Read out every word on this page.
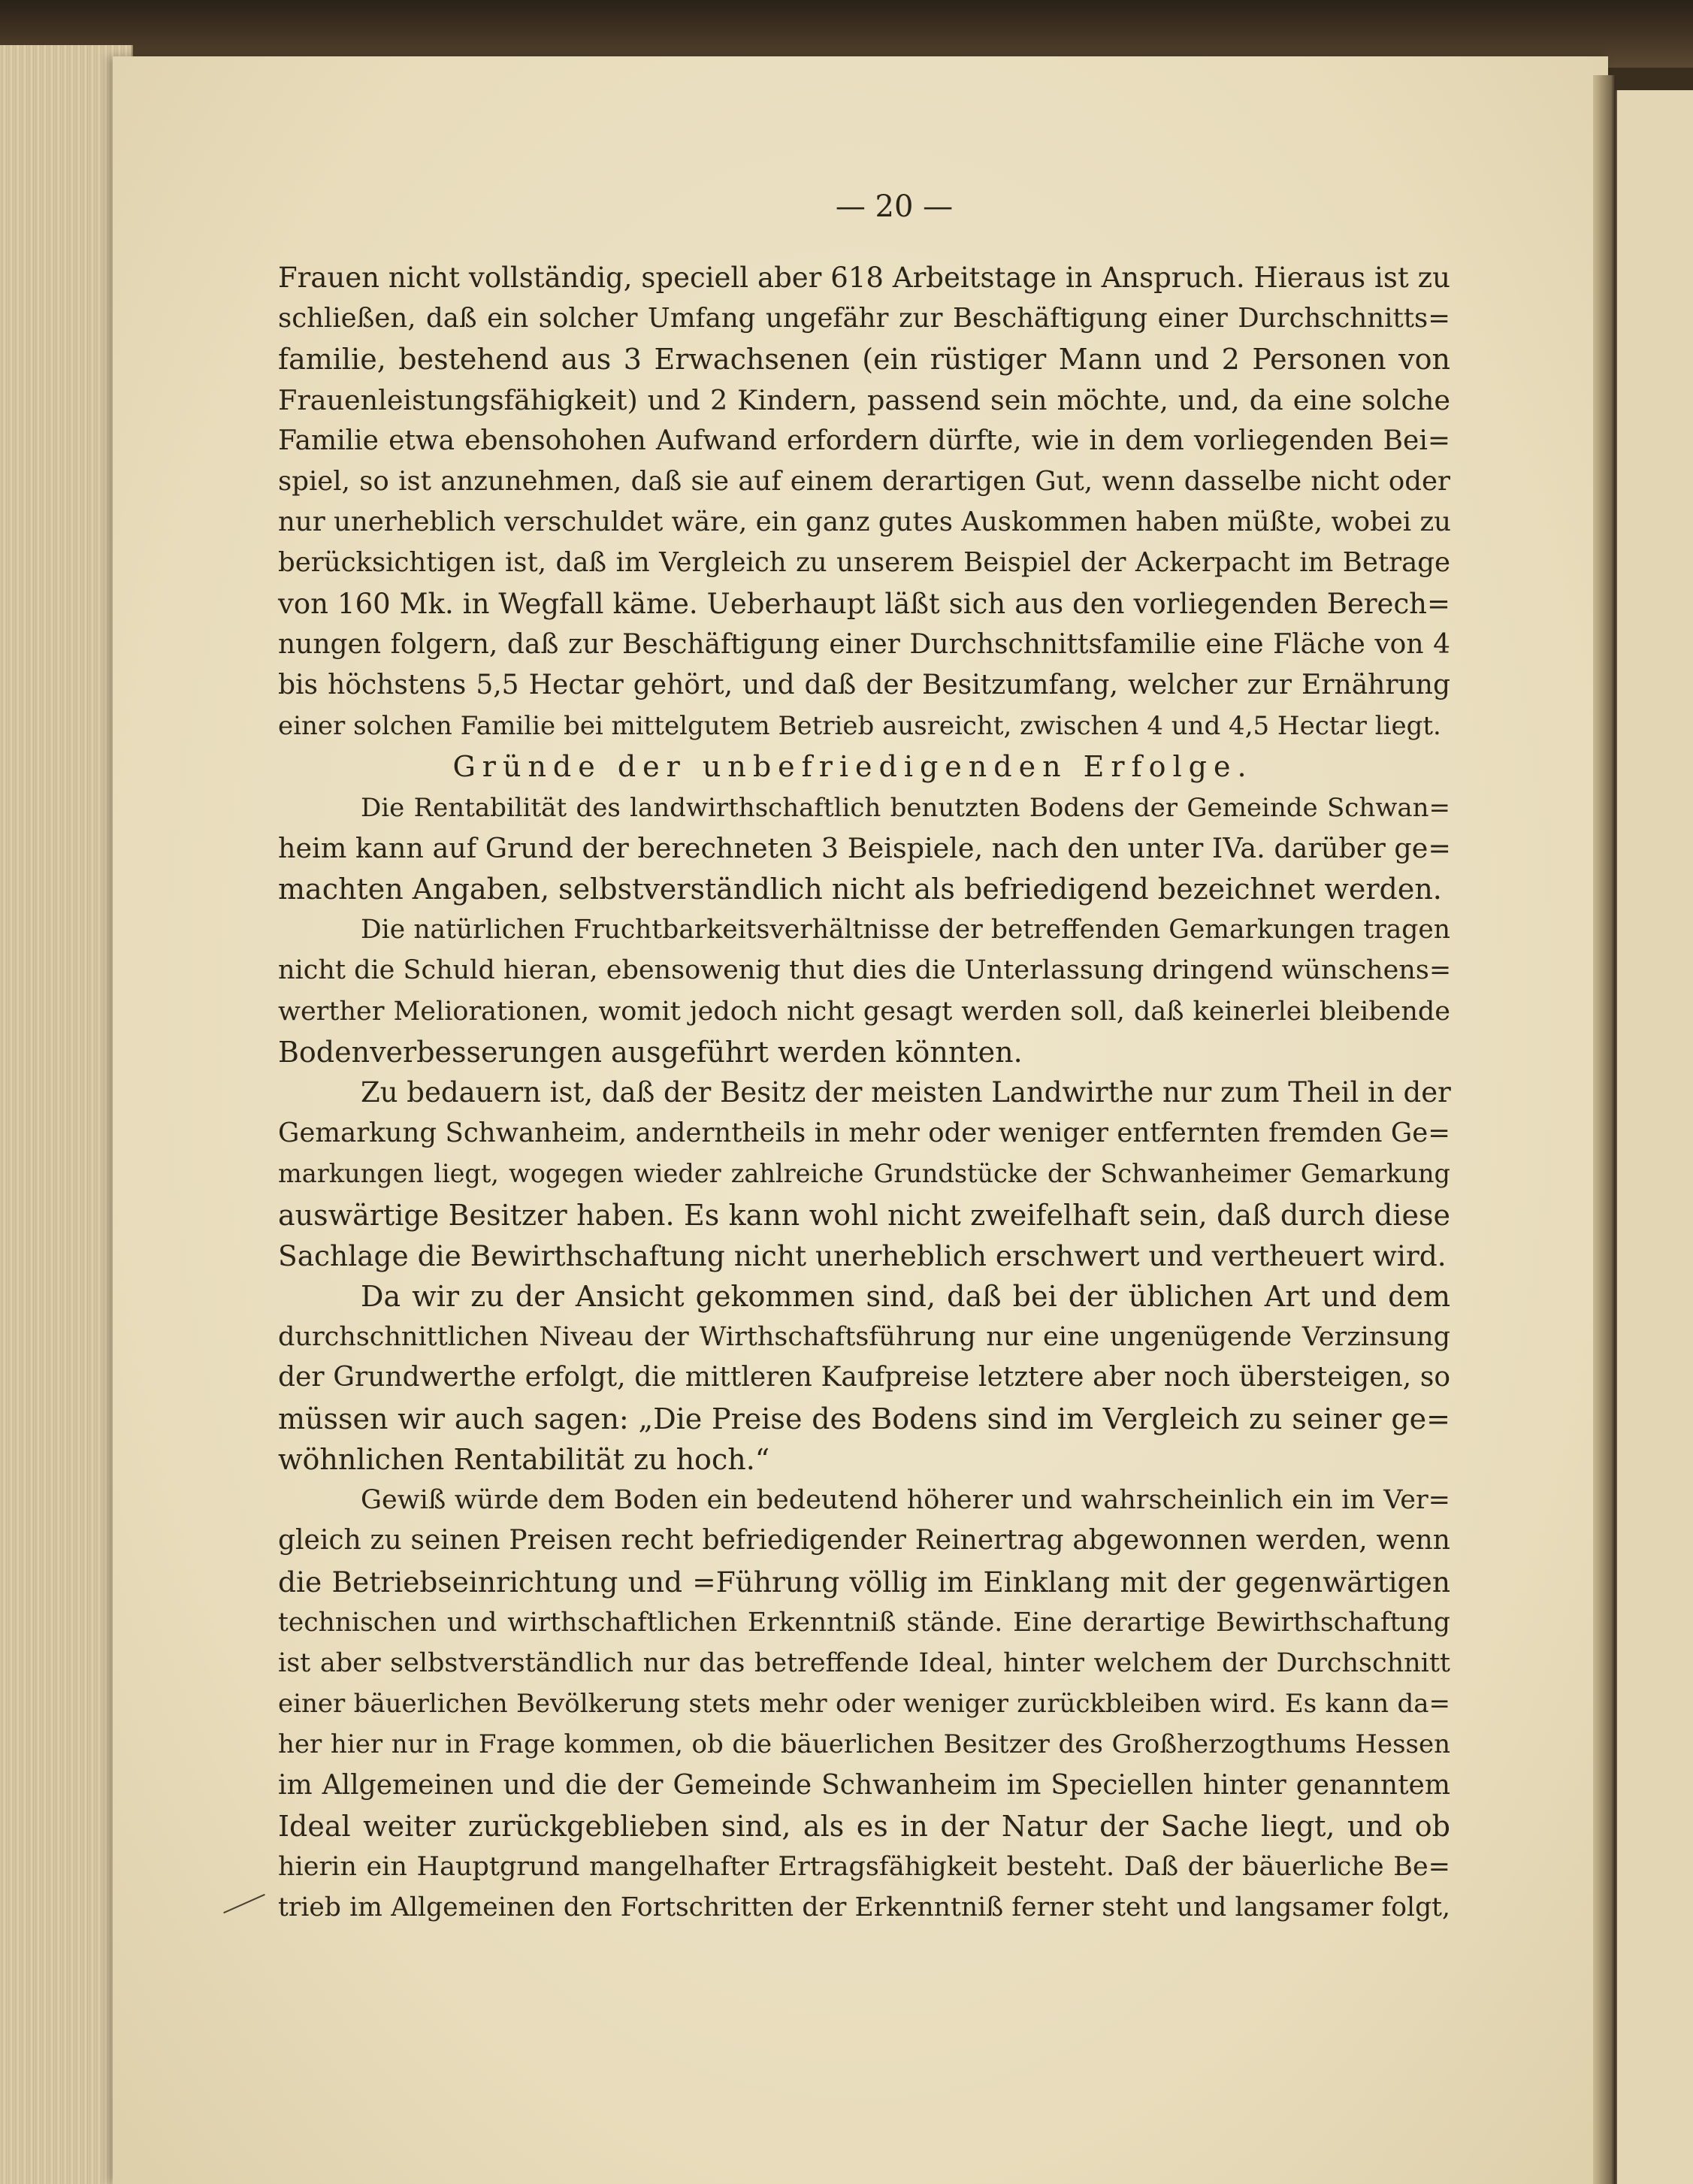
— 20 —
Frauen nicht vollständig, speciell aber 618 Arbeitstage in Anspruch. Hieraus ist zu
schließen, daß ein solcher Umfang ungefähr zur Beschäftigung einer Durchschnitts=
familie, bestehend aus 3 Erwachsenen (ein rüstiger Mann und 2 Personen von
Frauenleistungsfähigkeit) und 2 Kindern, passend sein möchte, und, da eine solche
Familie etwa ebensohohen Aufwand erfordern dürfte, wie in dem vorliegenden Bei=
spiel, so ist anzunehmen, daß sie auf einem derartigen Gut, wenn dasselbe nicht oder
nur unerheblich verschuldet wäre, ein ganz gutes Auskommen haben müßte, wobei zu
berücksichtigen ist, daß im Vergleich zu unserem Beispiel der Ackerpacht im Betrage
von 160 Mk. in Wegfall käme. Ueberhaupt läßt sich aus den vorliegenden Berech=
nungen folgern, daß zur Beschäftigung einer Durchschnittsfamilie eine Fläche von 4
bis höchstens 5,5 Hectar gehört, und daß der Besitzumfang, welcher zur Ernährung
einer solchen Familie bei mittelgutem Betrieb ausreicht, zwischen 4 und 4,5 Hectar liegt.
Gründe der unbefriedigenden Erfolge.
Die Rentabilität des landwirthschaftlich benutzten Bodens der Gemeinde Schwan=
heim kann auf Grund der berechneten 3 Beispiele, nach den unter IVa. darüber ge=
machten Angaben, selbstverständlich nicht als befriedigend bezeichnet werden.
Die natürlichen Fruchtbarkeitsverhältnisse der betreffenden Gemarkungen tragen
nicht die Schuld hieran, ebensowenig thut dies die Unterlassung dringend wünschens=
werther Meliorationen, womit jedoch nicht gesagt werden soll, daß keinerlei bleibende
Bodenverbesserungen ausgeführt werden könnten.
Zu bedauern ist, daß der Besitz der meisten Landwirthe nur zum Theil in der
Gemarkung Schwanheim, anderntheils in mehr oder weniger entfernten fremden Ge=
markungen liegt, wogegen wieder zahlreiche Grundstücke der Schwanheimer Gemarkung
auswärtige Besitzer haben. Es kann wohl nicht zweifelhaft sein, daß durch diese
Sachlage die Bewirthschaftung nicht unerheblich erschwert und vertheuert wird.
Da wir zu der Ansicht gekommen sind, daß bei der üblichen Art und dem
durchschnittlichen Niveau der Wirthschaftsführung nur eine ungenügende Verzinsung
der Grundwerthe erfolgt, die mittleren Kaufpreise letztere aber noch übersteigen, so
müssen wir auch sagen: „Die Preise des Bodens sind im Vergleich zu seiner ge=
wöhnlichen Rentabilität zu hoch.“
Gewiß würde dem Boden ein bedeutend höherer und wahrscheinlich ein im Ver=
gleich zu seinen Preisen recht befriedigender Reinertrag abgewonnen werden, wenn
die Betriebseinrichtung und =Führung völlig im Einklang mit der gegenwärtigen
technischen und wirthschaftlichen Erkenntniß stände. Eine derartige Bewirthschaftung
ist aber selbstverständlich nur das betreffende Ideal, hinter welchem der Durchschnitt
einer bäuerlichen Bevölkerung stets mehr oder weniger zurückbleiben wird. Es kann da=
her hier nur in Frage kommen, ob die bäuerlichen Besitzer des Großherzogthums Hessen
im Allgemeinen und die der Gemeinde Schwanheim im Speciellen hinter genanntem
Ideal weiter zurückgeblieben sind, als es in der Natur der Sache liegt, und ob
hierin ein Hauptgrund mangelhafter Ertragsfähigkeit besteht. Daß der bäuerliche Be=
trieb im Allgemeinen den Fortschritten der Erkenntniß ferner steht und langsamer folgt,
